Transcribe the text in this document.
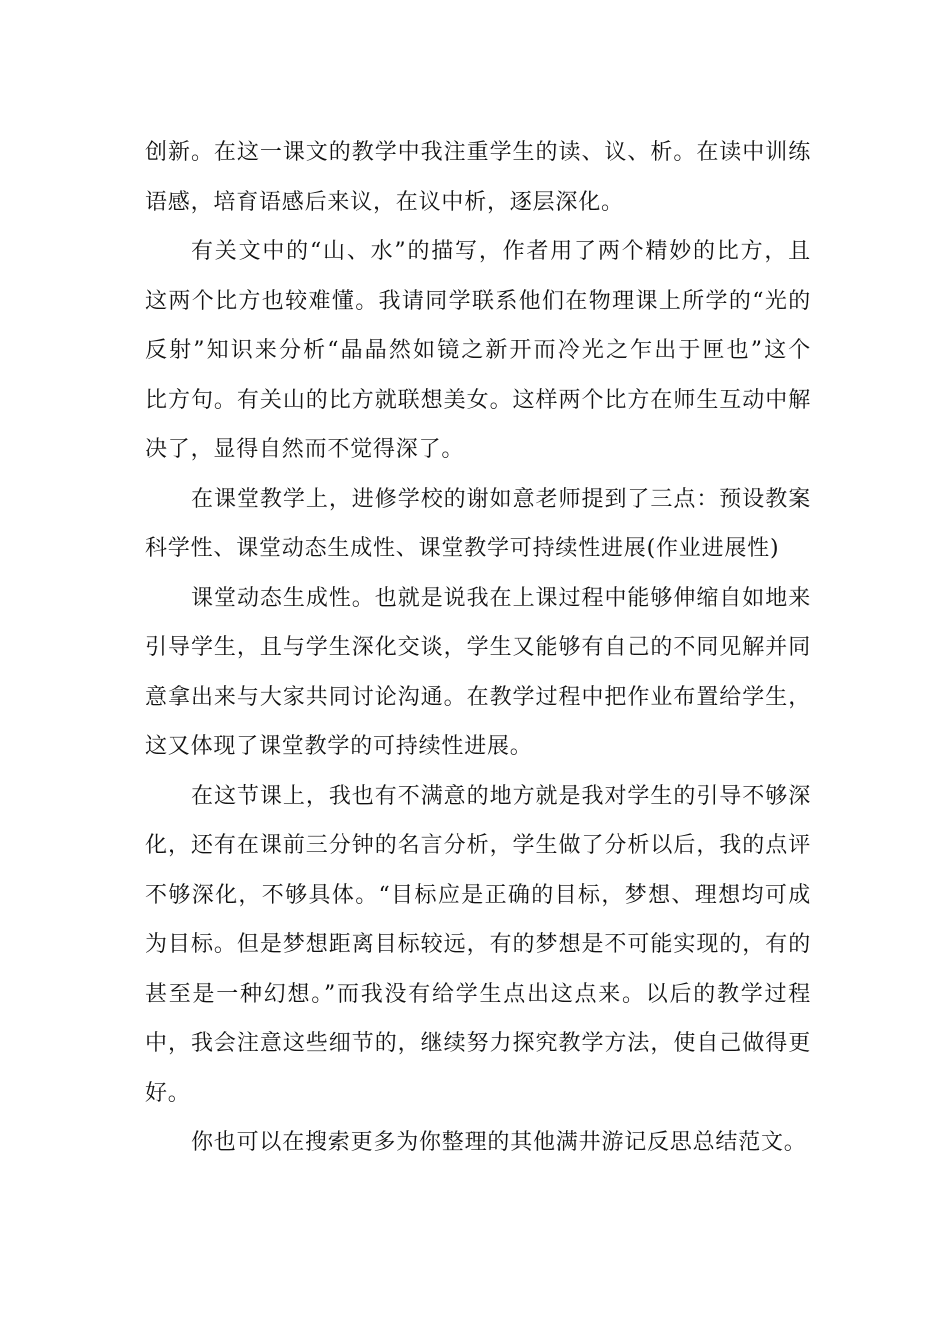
创新。在这一课文的教学中我注重学生的读、议、析。在读中训练
语感，培育语感后来议，在议中析，逐层深化。
有关文中的“山、水”的描写，作者用了两个精妙的比方，且
这两个比方也较难懂。我请同学联系他们在物理课上所学的“光的
反射”知识来分析“晶晶然如镜之新开而冷光之乍出于匣也”这个
比方句。有关山的比方就联想美女。这样两个比方在师生互动中解
决了，显得自然而不觉得深了。
在课堂教学上，进修学校的谢如意老师提到了三点：预设教案
科学性、课堂动态生成性、课堂教学可持续性进展(作业进展性)
课堂动态生成性。也就是说我在上课过程中能够伸缩自如地来
引导学生，且与学生深化交谈，学生又能够有自己的不同见解并同
意拿出来与大家共同讨论沟通。在教学过程中把作业布置给学生，
这又体现了课堂教学的可持续性进展。
在这节课上，我也有不满意的地方就是我对学生的引导不够深
化，还有在课前三分钟的名言分析，学生做了分析以后，我的点评
不够深化，不够具体。“目标应是正确的目标，梦想、理想均可成
为目标。但是梦想距离目标较远，有的梦想是不可能实现的，有的
甚至是一种幻想。”而我没有给学生点出这点来。以后的教学过程
中，我会注意这些细节的，继续努力探究教学方法，使自己做得更
好。
你也可以在搜索更多为你整理的其他满井游记反思总结范文。
